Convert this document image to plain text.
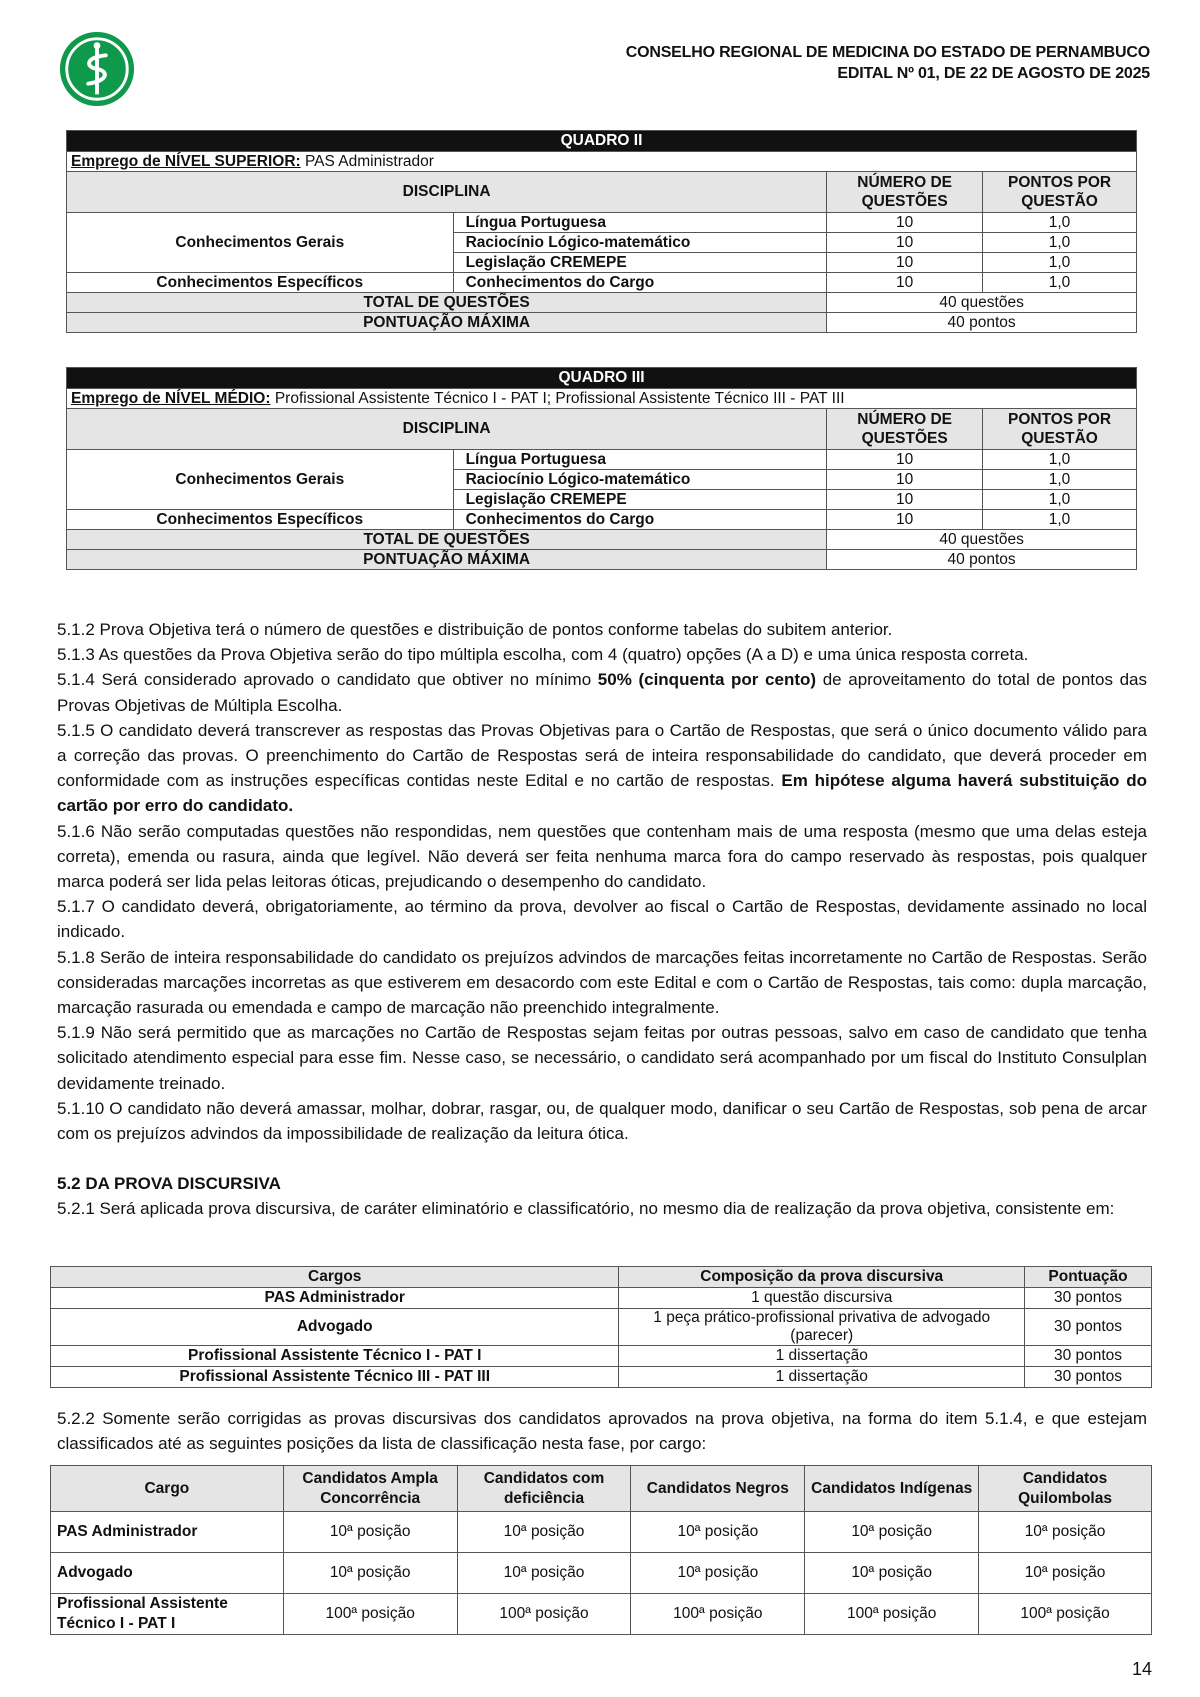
CONSELHO REGIONAL DE MEDICINA DO ESTADO DE PERNAMBUCO
EDITAL Nº 01, DE 22 DE AGOSTO DE 2025
QUADRO II			
Emprego de NÍVEL SUPERIOR: PAS Administrador			
DISCIPLINA		NÚMERO DE QUESTÕES	PONTOS POR QUESTÃO
Conhecimentos Gerais	Língua Portuguesa	10	1,0
	Raciocínio Lógico-matemático	10	1,0
	Legislação CREMEPE	10	1,0
Conhecimentos Específicos	Conhecimentos do Cargo	10	1,0
TOTAL DE QUESTÕES		40 questões	
PONTUAÇÃO MÁXIMA		40 pontos	
QUADRO III			
Emprego de NÍVEL MÉDIO: Profissional Assistente Técnico I - PAT I; Profissional Assistente Técnico III - PAT III			
DISCIPLINA		NÚMERO DE QUESTÕES	PONTOS POR QUESTÃO
Conhecimentos Gerais	Língua Portuguesa	10	1,0
	Raciocínio Lógico-matemático	10	1,0
	Legislação CREMEPE	10	1,0
Conhecimentos Específicos	Conhecimentos do Cargo	10	1,0
TOTAL DE QUESTÕES		40 questões	
PONTUAÇÃO MÁXIMA		40 pontos	

5.1.2 Prova Objetiva terá o número de questões e distribuição de pontos conforme tabelas do subitem anterior.

5.1.3 As questões da Prova Objetiva serão do tipo múltipla escolha, com 4 (quatro) opções (A a D) e uma única resposta correta.

5.1.4 Será considerado aprovado o candidato que obtiver no mínimo 50% (cinquenta por cento) de aproveitamento do total de pontos das Provas Objetivas de Múltipla Escolha.

5.1.5 O candidato deverá transcrever as respostas das Provas Objetivas para o Cartão de Respostas, que será o único documento válido para a correção das provas. O preenchimento do Cartão de Respostas será de inteira responsabilidade do candidato, que deverá proceder em conformidade com as instruções específicas contidas neste Edital e no cartão de respostas. Em hipótese alguma haverá substituição do cartão por erro do candidato.

5.1.6 Não serão computadas questões não respondidas, nem questões que contenham mais de uma resposta (mesmo que uma delas esteja correta), emenda ou rasura, ainda que legível. Não deverá ser feita nenhuma marca fora do campo reservado às respostas, pois qualquer marca poderá ser lida pelas leitoras óticas, prejudicando o desempenho do candidato.

5.1.7 O candidato deverá, obrigatoriamente, ao término da prova, devolver ao fiscal o Cartão de Respostas, devidamente assinado no local indicado.

5.1.8 Serão de inteira responsabilidade do candidato os prejuízos advindos de marcações feitas incorretamente no Cartão de Respostas. Serão consideradas marcações incorretas as que estiverem em desacordo com este Edital e com o Cartão de Respostas, tais como: dupla marcação, marcação rasurada ou emendada e campo de marcação não preenchido integralmente.

5.1.9 Não será permitido que as marcações no Cartão de Respostas sejam feitas por outras pessoas, salvo em caso de candidato que tenha solicitado atendimento especial para esse fim. Nesse caso, se necessário, o candidato será acompanhado por um fiscal do Instituto Consulplan devidamente treinado.

5.1.10 O candidato não deverá amassar, molhar, dobrar, rasgar, ou, de qualquer modo, danificar o seu Cartão de Respostas, sob pena de arcar com os prejuízos advindos da impossibilidade de realização da leitura ótica.

5.2 DA PROVA DISCURSIVA

5.2.1 Será aplicada prova discursiva, de caráter eliminatório e classificatório, no mesmo dia de realização da prova objetiva, consistente em:

Cargos	Composição da prova discursiva	Pontuação
PAS Administrador	1 questão discursiva	30 pontos
Advogado	1 peça prático-profissional privativa de advogado (parecer)	30 pontos
Profissional Assistente Técnico I - PAT I	1 dissertação	30 pontos
Profissional Assistente Técnico III - PAT III	1 dissertação	30 pontos

5.2.2 Somente serão corrigidas as provas discursivas dos candidatos aprovados na prova objetiva, na forma do item 5.1.4, e que estejam classificados até as seguintes posições da lista de classificação nesta fase, por cargo:

Cargo	Candidatos Ampla Concorrência	Candidatos com deficiência	Candidatos Negros	Candidatos Indígenas	Candidatos Quilombolas
PAS Administrador	10ª posição	10ª posição	10ª posição	10ª posição	10ª posição
Advogado	10ª posição	10ª posição	10ª posição	10ª posição	10ª posição
Profissional Assistente Técnico I - PAT I	100ª posição	100ª posição	100ª posição	100ª posição	100ª posição
14
